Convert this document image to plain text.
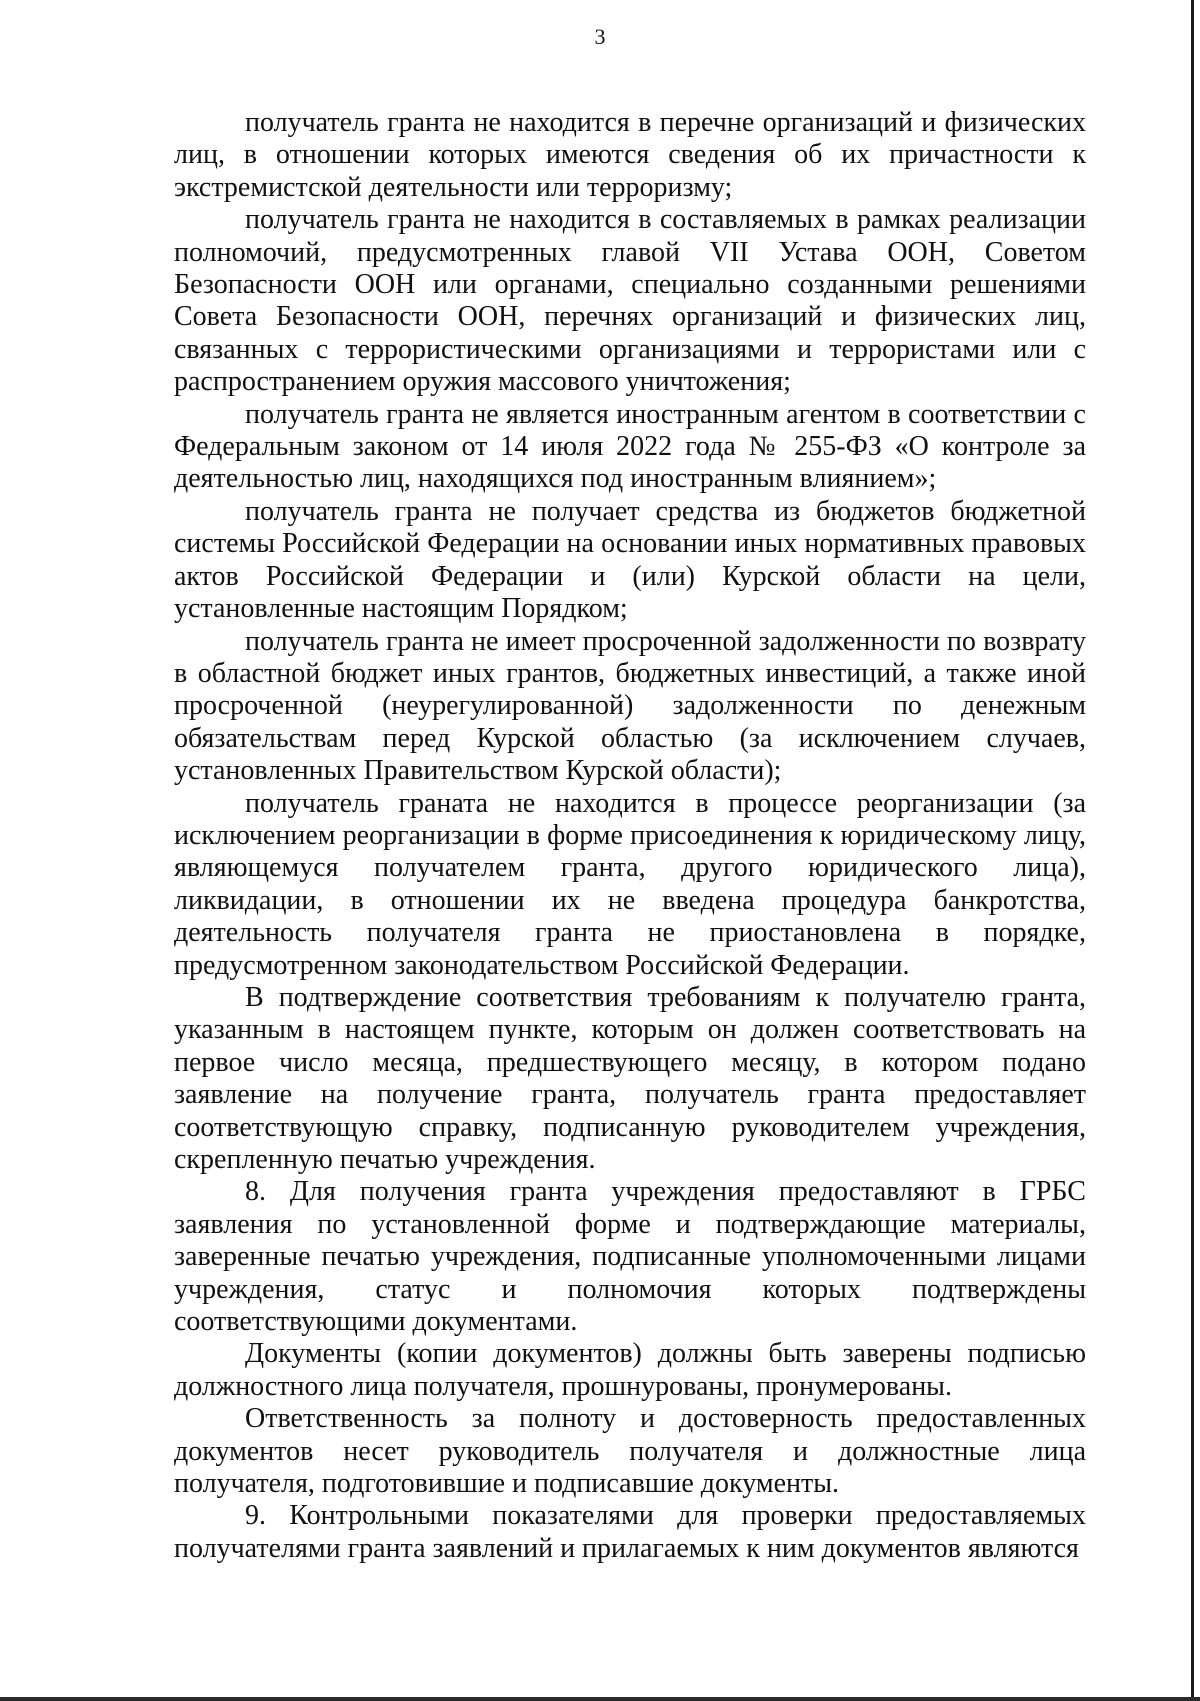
3

получатель гранта не находится в перечне организаций и физических лиц, в отношении которых имеются сведения об их причастности к экстремистской деятельности или терроризму;

получатель гранта не находится в составляемых в рамках реализации полномочий, предусмотренных главой VII Устава ООН, Советом Безопасности ООН или органами, специально созданными решениями Совета Безопасности ООН, перечнях организаций и физических лиц, связанных с террористическими организациями и террористами или с распространением оружия массового уничтожения;

получатель гранта не является иностранным агентом в соответствии с Федеральным законом от 14 июля 2022 года № 255-ФЗ «О контроле за деятельностью лиц, находящихся под иностранным влиянием»;

получатель гранта не получает средства из бюджетов бюджетной системы Российской Федерации на основании иных нормативных правовых актов Российской Федерации и (или) Курской области на цели, установленные настоящим Порядком;

получатель гранта не имеет просроченной задолженности по возврату в областной бюджет иных грантов, бюджетных инвестиций, а также иной просроченной (неурегулированной) задолженности по денежным обязательствам перед Курской областью (за исключением случаев, установленных Правительством Курской области);

получатель граната не находится в процессе реорганизации (за исключением реорганизации в форме присоединения к юридическому лицу, являющемуся получателем гранта, другого юридического лица), ликвидации, в отношении их не введена процедура банкротства, деятельность получателя гранта не приостановлена в порядке, предусмотренном законодательством Российской Федерации.

В подтверждение соответствия требованиям к получателю гранта, указанным в настоящем пункте, которым он должен соответствовать на первое число месяца, предшествующего месяцу, в котором подано заявление на получение гранта, получатель гранта предоставляет соответствующую справку, подписанную руководителем учреждения, скрепленную печатью учреждения.

8. Для получения гранта учреждения предоставляют в ГРБС заявления по установленной форме и подтверждающие материалы, заверенные печатью учреждения, подписанные уполномоченными лицами учреждения, статус и полномочия которых подтверждены соответствующими документами.

Документы (копии документов) должны быть заверены подписью должностного лица получателя, прошнурованы, пронумерованы.

Ответственность за полноту и достоверность предоставленных документов несет руководитель получателя и должностные лица получателя, подготовившие и подписавшие документы.

9. Контрольными показателями для проверки предоставляемых получателями гранта заявлений и прилагаемых к ним документов являются
